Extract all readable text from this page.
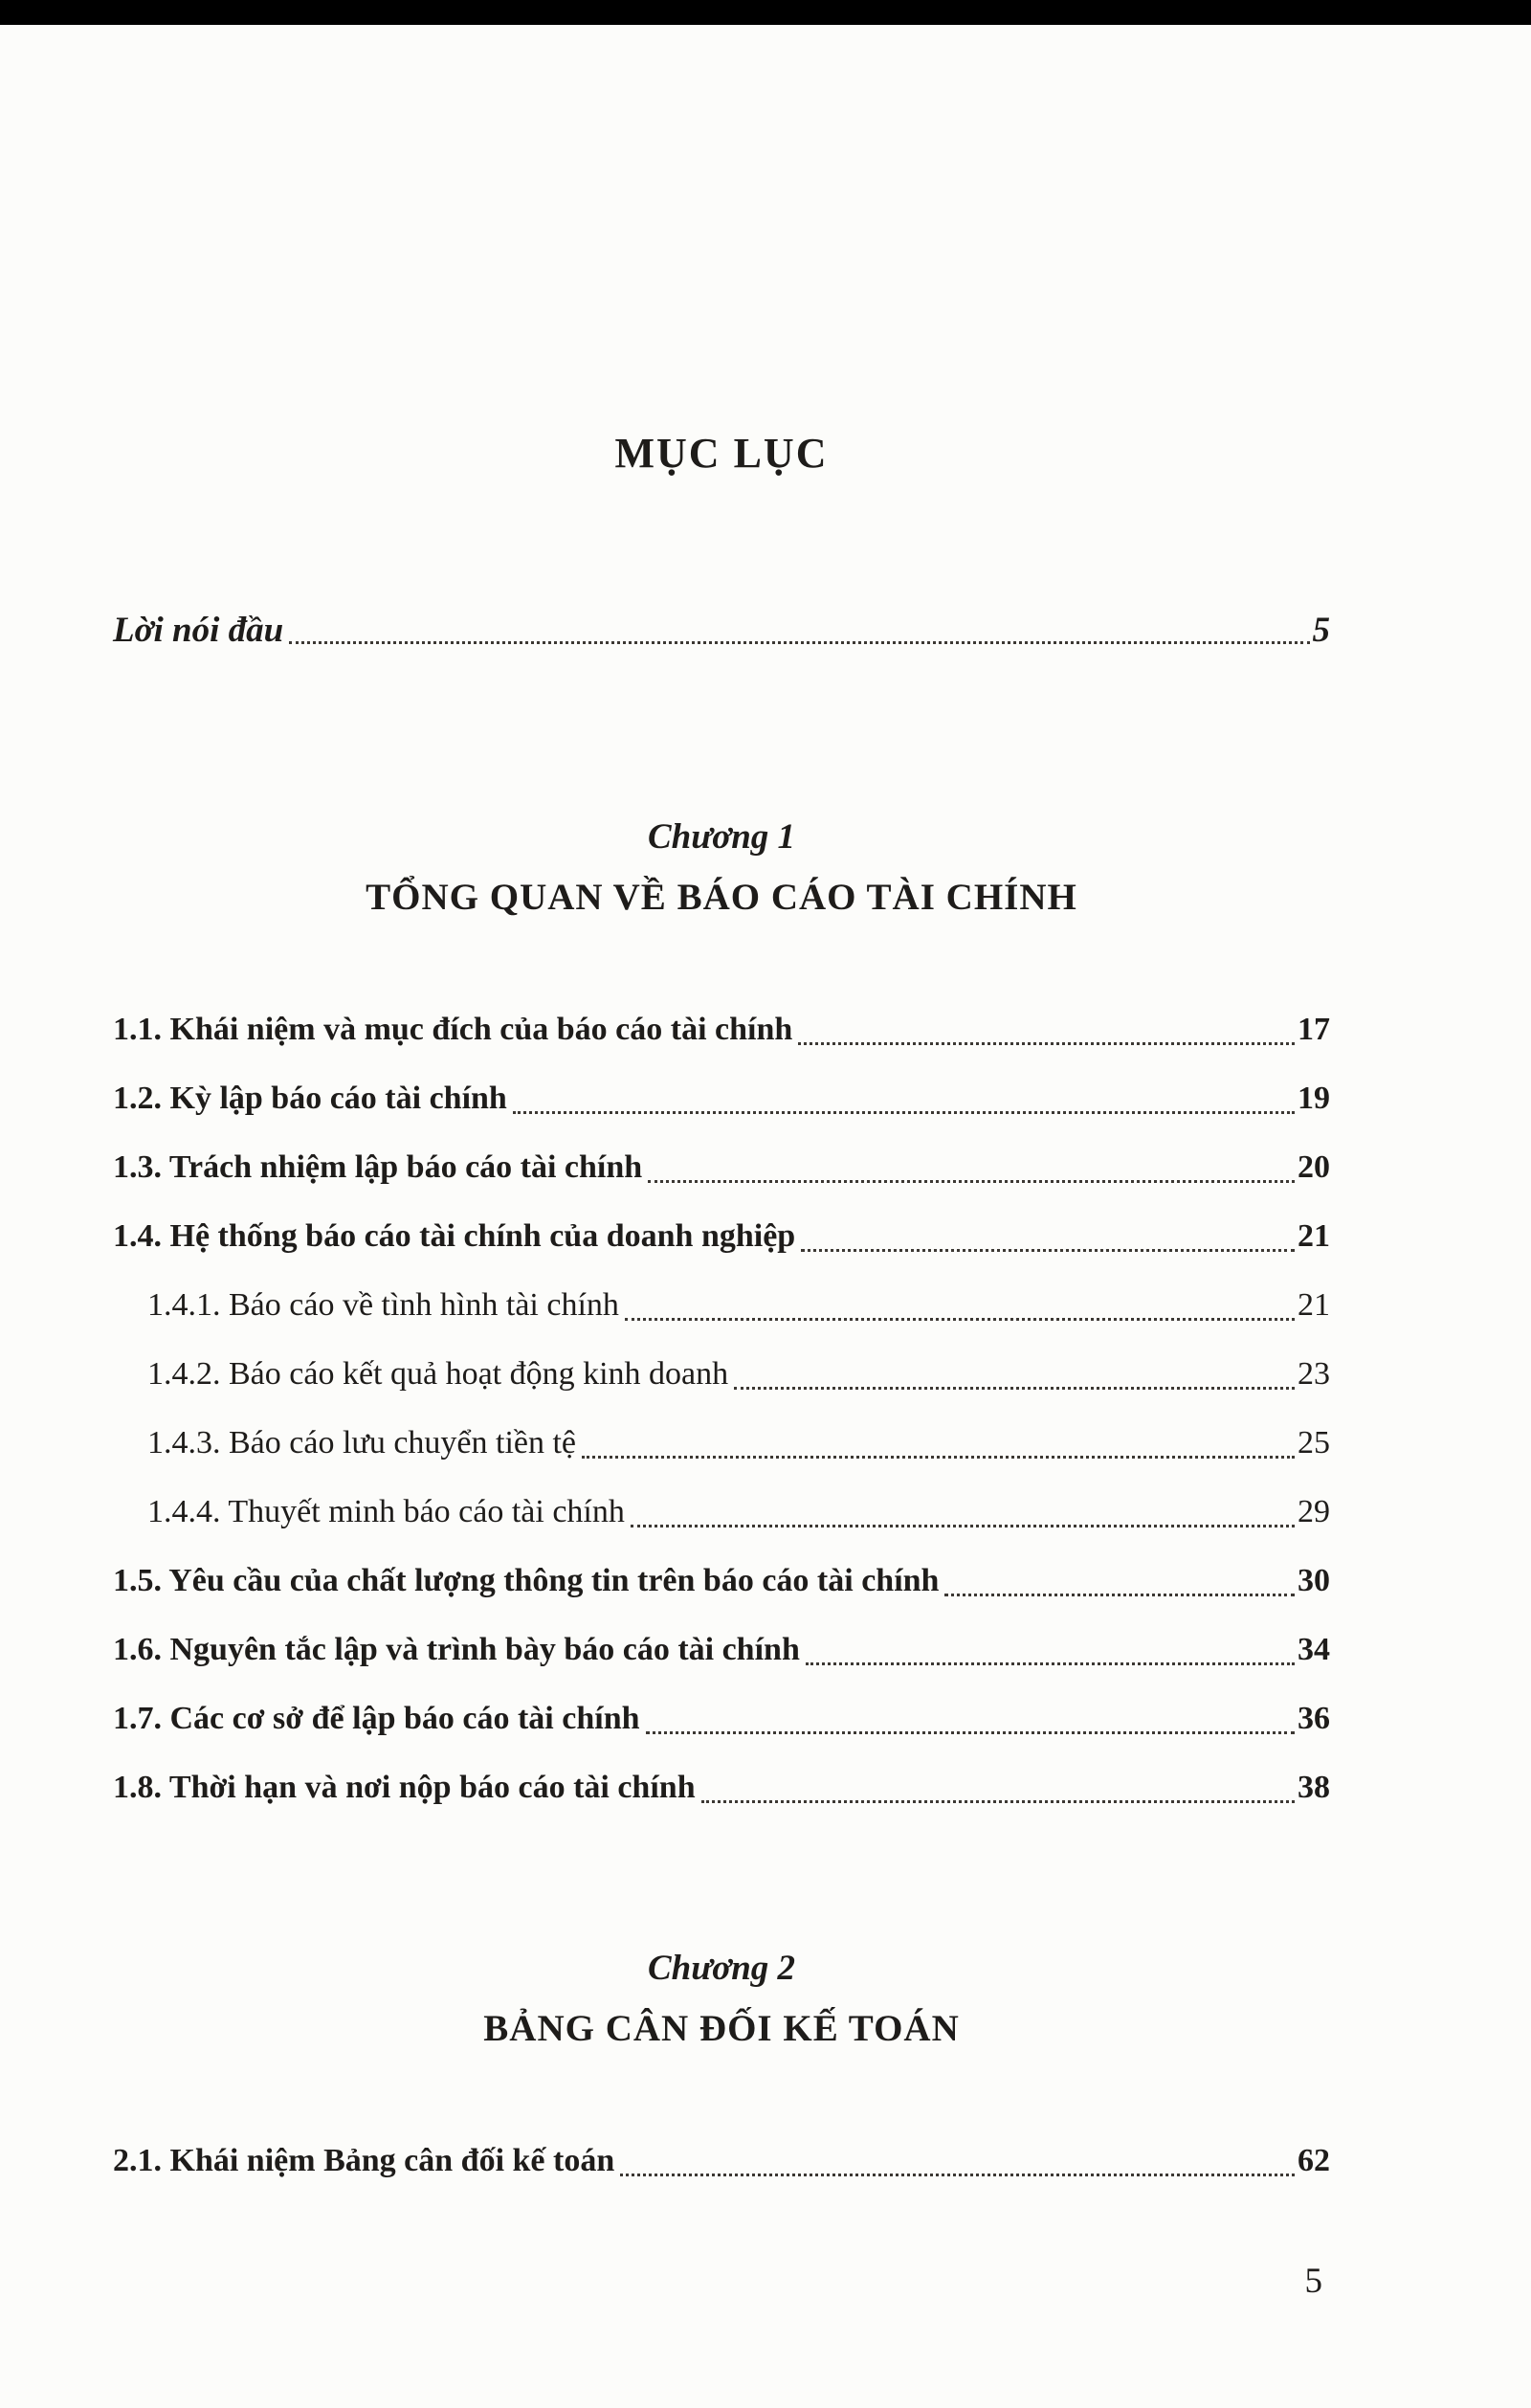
MỤC LỤC
Lời nói đầu	5
Chương 1
TỔNG QUAN VỀ BÁO CÁO TÀI CHÍNH
1.1. Khái niệm và mục đích của báo cáo tài chính	17
1.2. Kỳ lập báo cáo tài chính	19
1.3. Trách nhiệm lập báo cáo tài chính	20
1.4. Hệ thống báo cáo tài chính của doanh nghiệp	21
1.4.1. Báo cáo về tình hình tài chính	21
1.4.2. Báo cáo kết quả hoạt động kinh doanh	23
1.4.3. Báo cáo lưu chuyển tiền tệ	25
1.4.4. Thuyết minh báo cáo tài chính	29
1.5. Yêu cầu của chất lượng thông tin trên báo cáo tài chính	30
1.6. Nguyên tắc lập và trình bày báo cáo tài chính	34
1.7. Các cơ sở để lập báo cáo tài chính	36
1.8. Thời hạn và nơi nộp báo cáo tài chính	38
Chương 2
BẢNG CÂN ĐỐI KẾ TOÁN
2.1. Khái niệm Bảng cân đối kế toán	62
5
